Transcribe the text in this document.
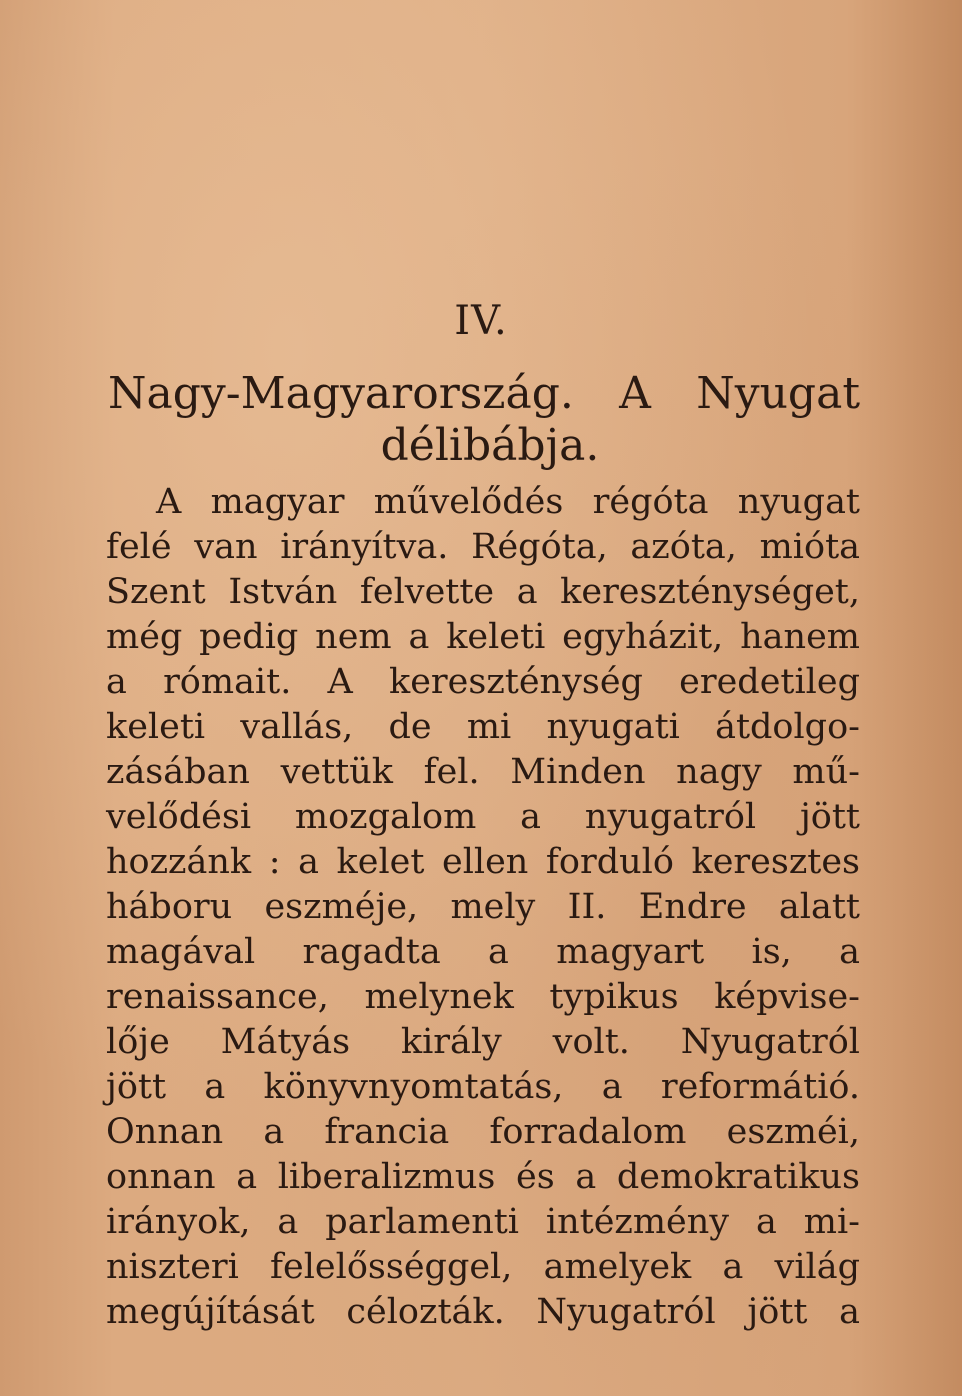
IV.
Nagy-Magyarország. A Nyugat
délibábja.
A magyar művelődés régóta nyugat
felé van irányítva. Régóta, azóta, mióta
Szent István felvette a kereszténységet,
még pedig nem a keleti egyházit, hanem
a rómait. A kereszténység eredetileg
keleti vallás, de mi nyugati átdolgo-
zásában vettük fel. Minden nagy mű-
velődési mozgalom a nyugatról jött
hozzánk : a kelet ellen forduló keresztes
háboru eszméje, mely II. Endre alatt
magával ragadta a magyart is, a
renaissance, melynek typikus képvise-
lője Mátyás király volt. Nyugatról
jött a könyvnyomtatás, a reformátió.
Onnan a francia forradalom eszméi,
onnan a liberalizmus és a demokratikus
irányok, a parlamenti intézmény a mi-
niszteri felelősséggel, amelyek a világ
megújítását célozták. Nyugatról jött a
